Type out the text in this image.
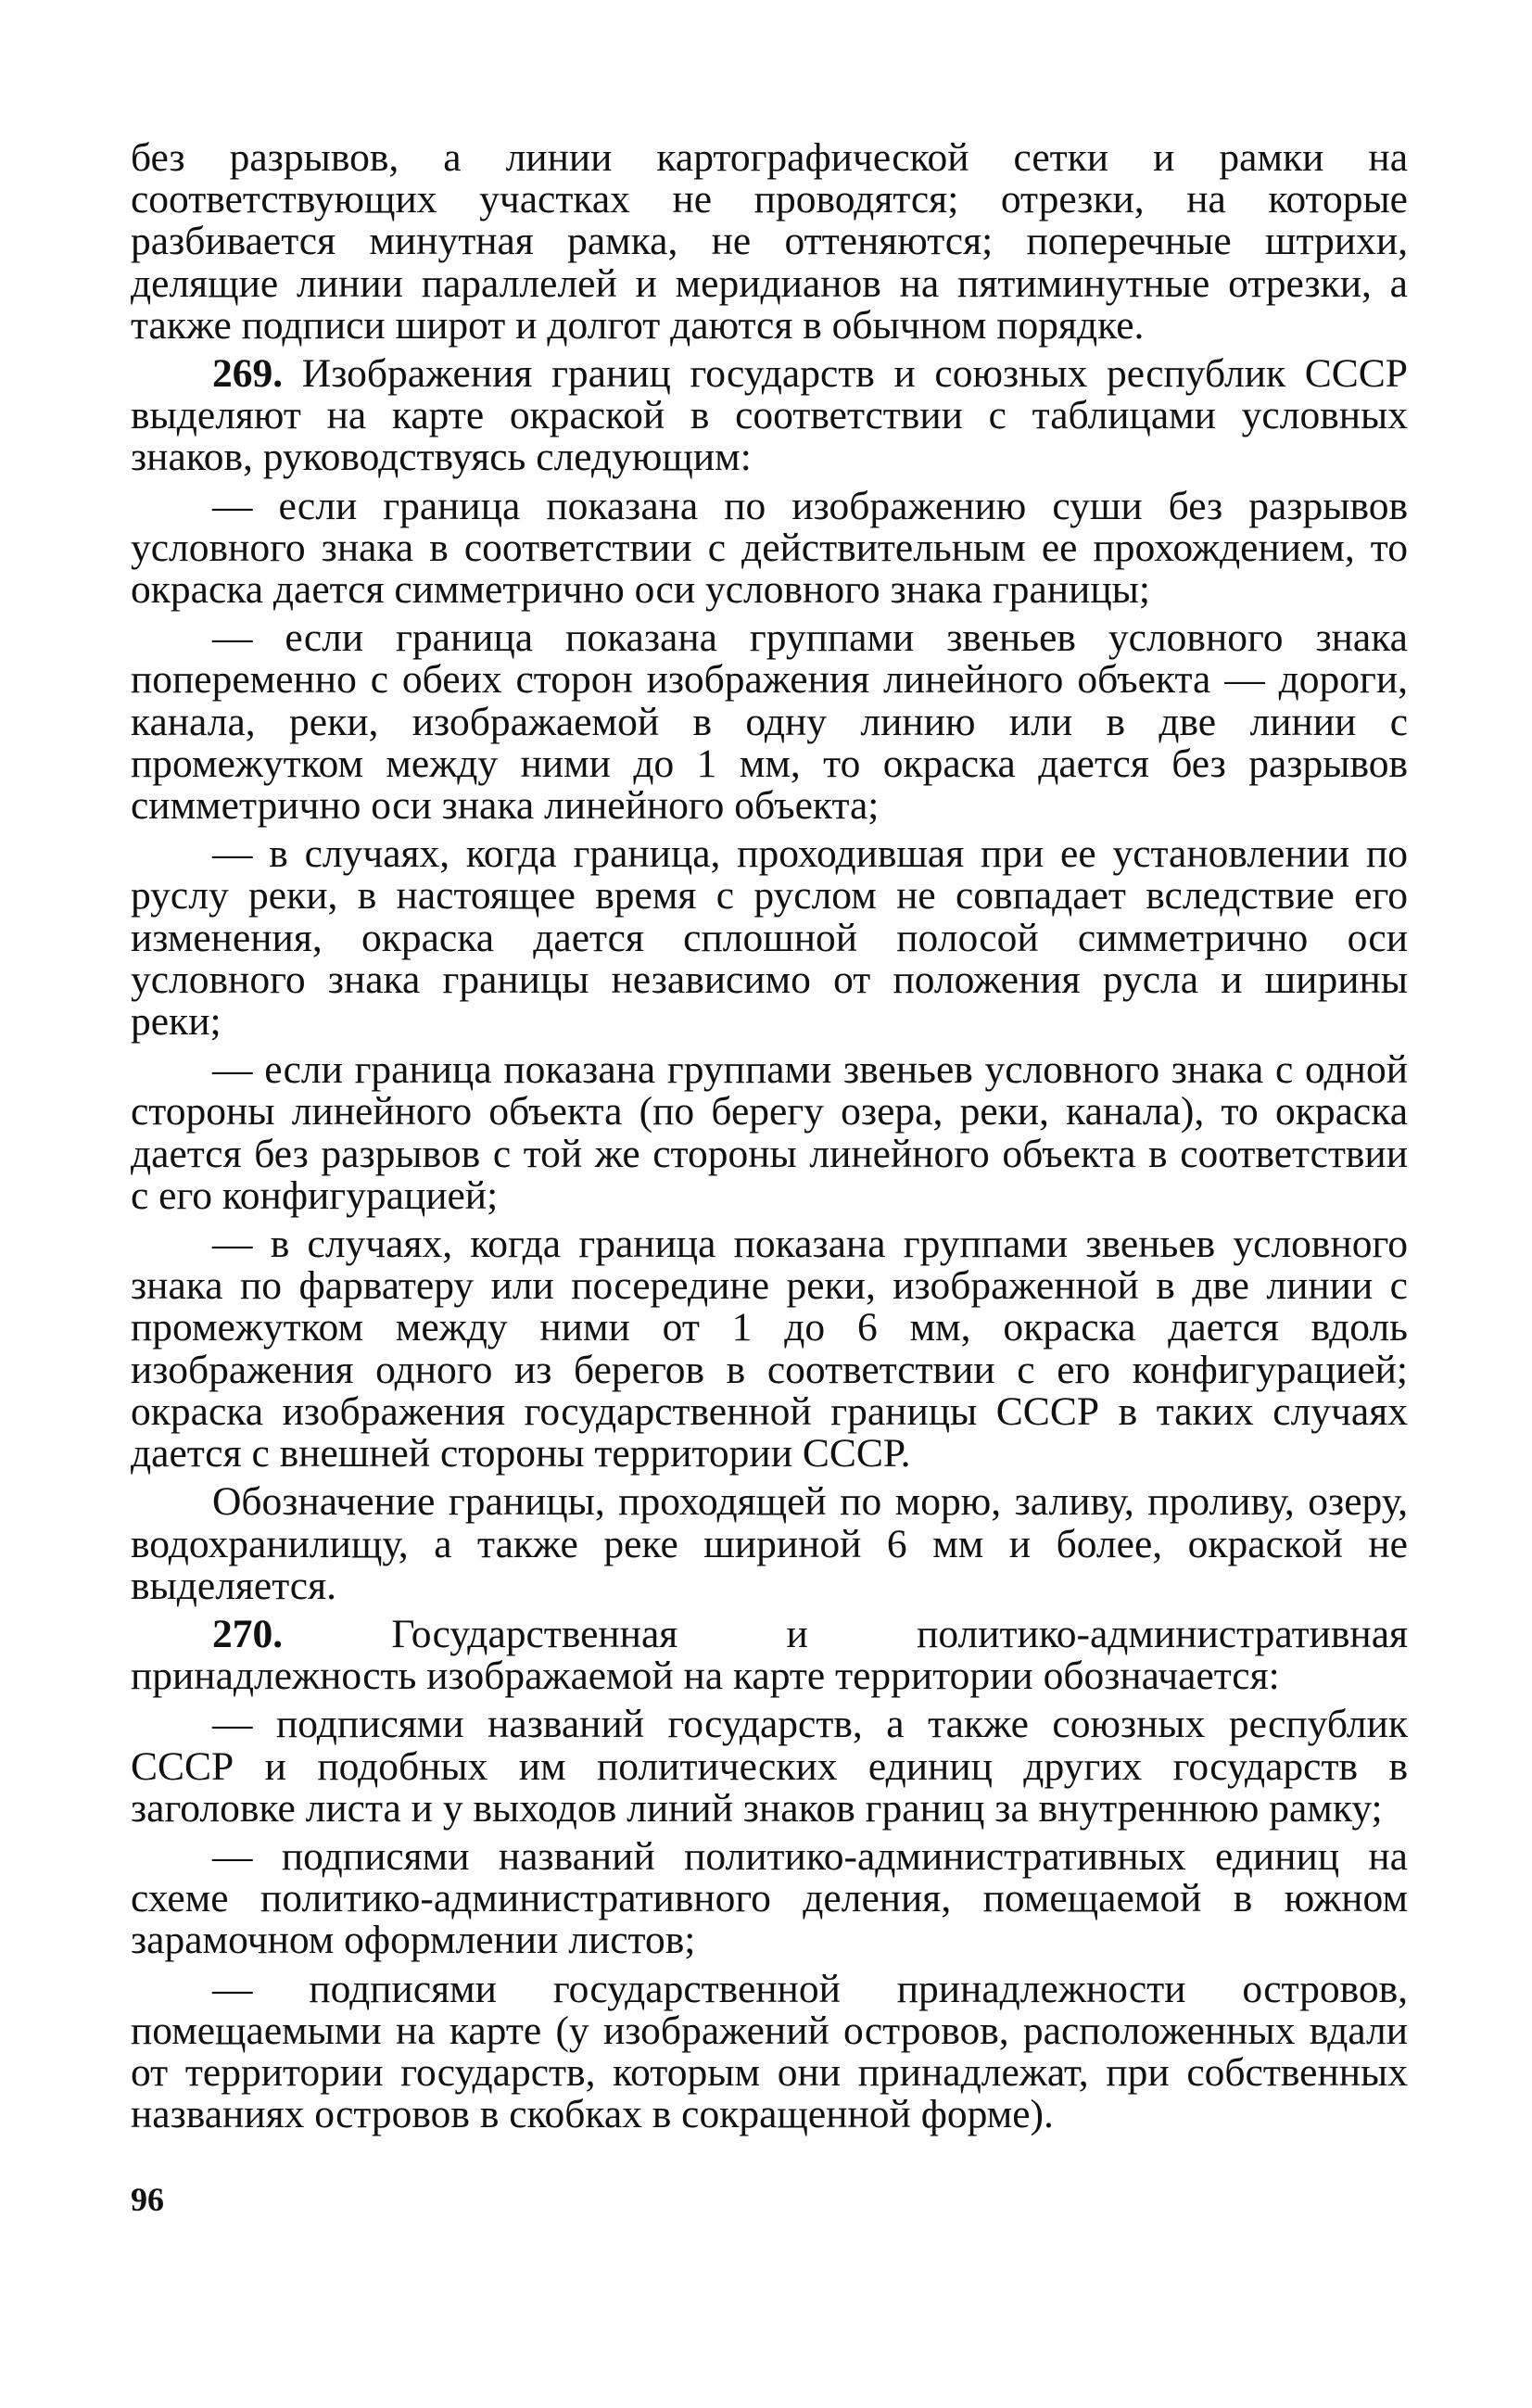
без разрывов, а линии картографической сетки и рамки на соответствующих участках не проводятся; отрезки, на которые разбивается минутная рамка, не оттеняются; поперечные штрихи, делящие линии параллелей и меридианов на пятиминутные отрезки, а также подписи широт и долгот даются в обычном порядке.

269. Изображения границ государств и союзных республик СССР выделяют на карте окраской в соответствии с таблицами условных знаков, руководствуясь следующим:

— если граница показана по изображению суши без разрывов условного знака в соответствии с действительным ее прохождением, то окраска дается симметрично оси условного знака границы;

— если граница показана группами звеньев условного знака попеременно с обеих сторон изображения линейного объекта — дороги, канала, реки, изображаемой в одну линию или в две линии с промежутком между ними до 1 мм, то окраска дается без разрывов симметрично оси знака линейного объекта;

— в случаях, когда граница, проходившая при ее установлении по руслу реки, в настоящее время с руслом не совпадает вследствие его изменения, окраска дается сплошной полосой симметрично оси условного знака границы независимо от положения русла и ширины реки;

— если граница показана группами звеньев условного знака с одной стороны линейного объекта (по берегу озера, реки, канала), то окраска дается без разрывов с той же стороны линейного объекта в соответствии с его конфигурацией;

— в случаях, когда граница показана группами звеньев условного знака по фарватеру или посередине реки, изображенной в две линии с промежутком между ними от 1 до 6 мм, окраска дается вдоль изображения одного из берегов в соответствии с его конфигурацией; окраска изображения государственной границы СССР в таких случаях дается с внешней стороны территории СССР.

Обозначение границы, проходящей по морю, заливу, проливу, озеру, водохранилищу, а также реке шириной 6 мм и более, окраской не выделяется.

270.	Государственная и политико-административная принадлежность изображаемой на карте территории обозначается:

— подписями названий государств, а также союзных республик СССР и подобных им политических единиц других государств в заголовке листа и у выходов линий знаков границ за внутреннюю рамку;

— подписями названий политико-административных единиц на схеме политико-административного деления, помещаемой в южном зарамочном оформлении листов;

— подписями государственной принадлежности островов, помещаемыми на карте (у изображений островов, расположенных вдали от территории государств, которым они принадлежат, при собственных названиях островов в скобках в сокращенной форме).

96
